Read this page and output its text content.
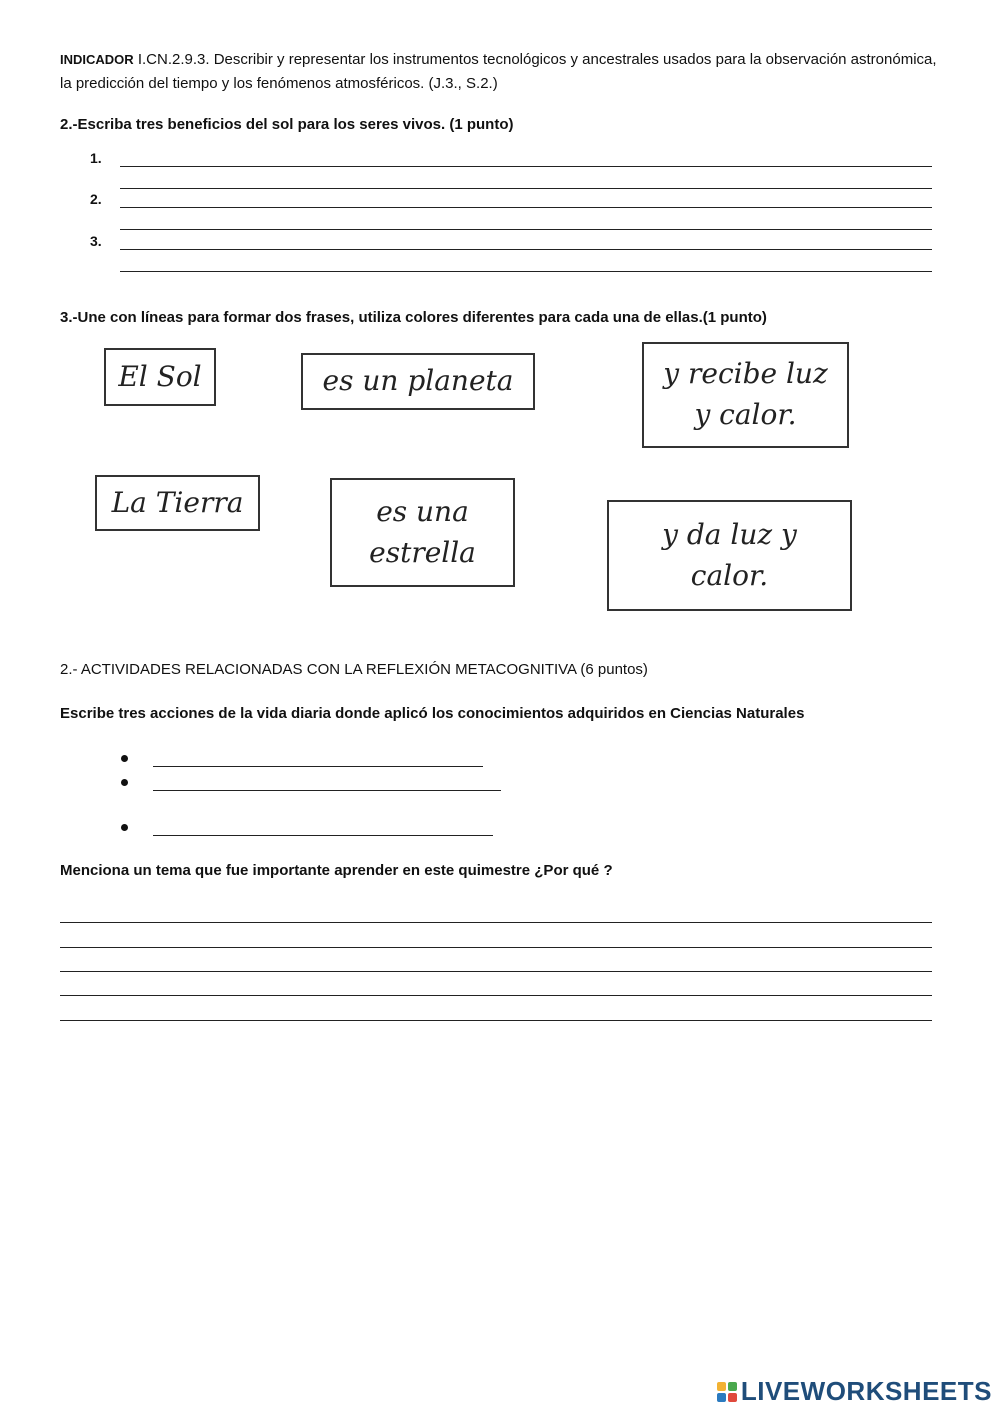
INDICADOR I.CN.2.9.3. Describir y representar los instrumentos tecnológicos y ancestrales usados para la observación astronómica, la predicción del tiempo y los fenómenos atmosféricos. (J.3., S.2.)
2.-Escriba tres beneficios del sol para los seres vivos. (1 punto)
1.
2.
3.
3.-Une con líneas para formar dos frases, utiliza colores diferentes para cada una de ellas.(1 punto)
El Sol	es un planeta	y recibe luz y calor.
La Tierra	es una estrella
y da luz y calor.
2.- ACTIVIDADES RELACIONADAS CON LA REFLEXIÓN METACOGNITIVA (6 puntos)
Escribe tres acciones de la vida diaria donde aplicó los conocimientos adquiridos en Ciencias Naturales
Menciona un tema que fue importante aprender en este quimestre ¿Por qué ?
LIVEWORKSHEETS
